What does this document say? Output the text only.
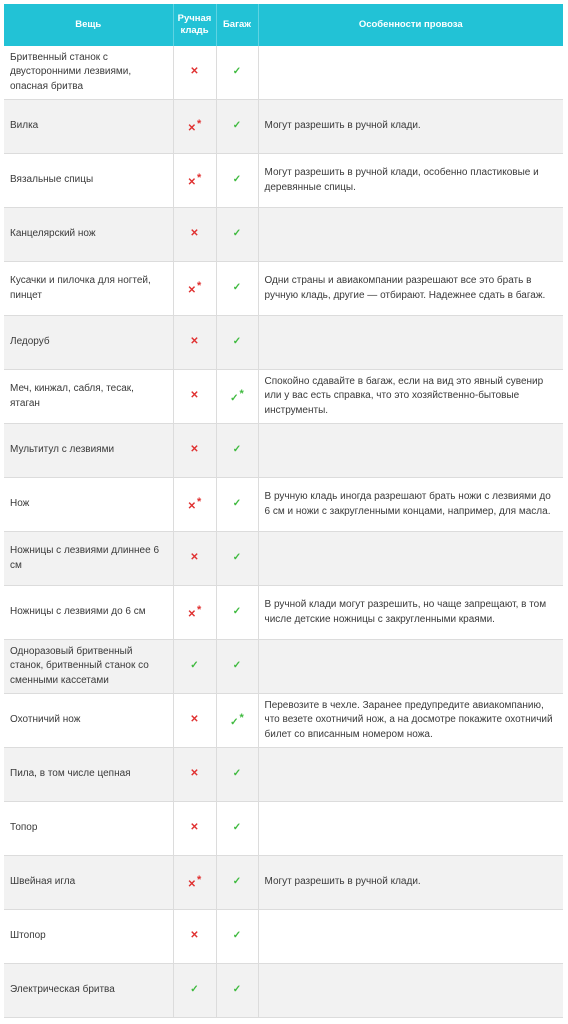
Вещь	Ручная кладь	Багаж	Особенности провоза
Бритвенный станок с двусторонними лезвиями, опасная бритва	✕	✓	
Вилка	✕*	✓	Могут разрешить в ручной клади.
Вязальные спицы	✕*	✓	Могут разрешить в ручной клади, особенно пластиковые и деревянные спицы.
Канцелярский нож	✕	✓	
Кусачки и пилочка для ногтей, пинцет	✕*	✓	Одни страны и авиакомпании разрешают все это брать в ручную кладь, другие — отбирают. Надежнее сдать в багаж.
Ледоруб	✕	✓	
Меч, кинжал, сабля, тесак, ятаган	✕	✓*	Спокойно сдавайте в багаж, если на вид это явный сувенир или у вас есть справка, что это хозяйственно-бытовые инструменты.
Мультитул с лезвиями	✕	✓	
Нож	✕*	✓	В ручную кладь иногда разрешают брать ножи с лезвиями до 6 см и ножи с закругленными концами, например, для масла.
Ножницы с лезвиями длиннее 6 см	✕	✓	
Ножницы с лезвиями до 6 см	✕*	✓	В ручной клади могут разрешить, но чаще запрещают, в том числе детские ножницы с закругленными краями.
Одноразовый бритвенный станок, бритвенный станок со сменными кассетами	✓	✓	
Охотничий нож	✕	✓*	Перевозите в чехле. Заранее предупредите авиакомпанию, что везете охотничий нож, а на досмотре покажите охотничий билет со вписанным номером ножа.
Пила, в том числе цепная	✕	✓	
Топор	✕	✓	
Швейная игла	✕*	✓	Могут разрешить в ручной клади.
Штопор	✕	✓	
Электрическая бритва	✓	✓	
